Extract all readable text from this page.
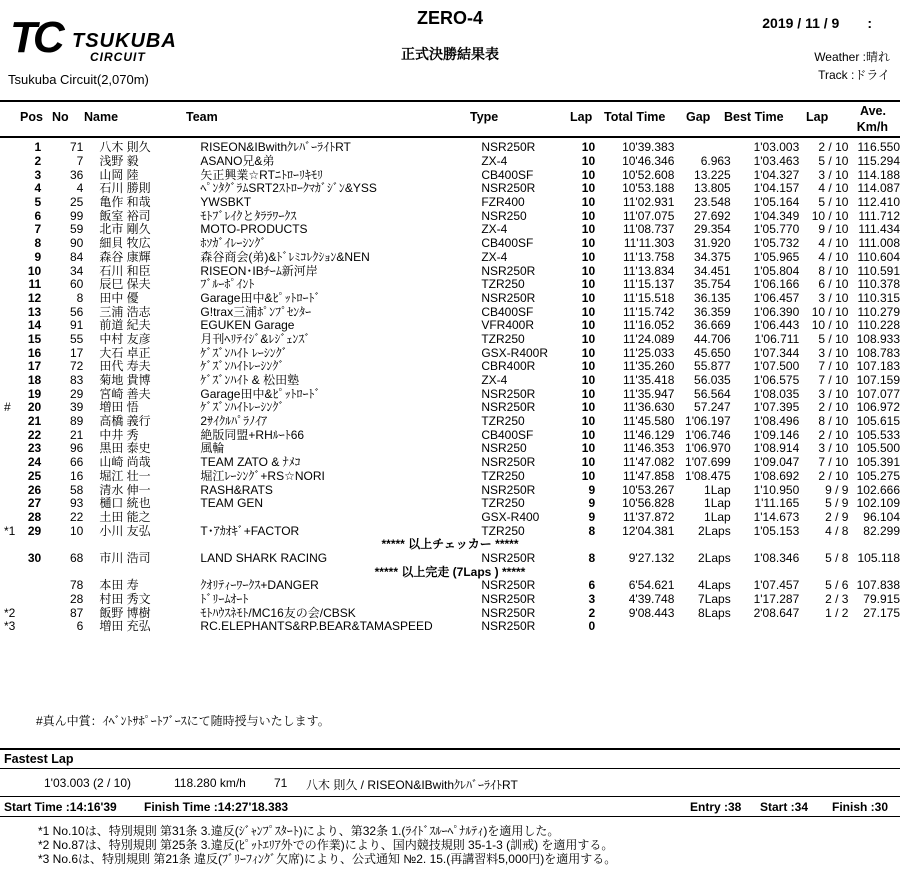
TC TSUKUBA
CIRCUIT
Tsukuba Circuit(2,070m)
ZERO-4
正式決勝結果表
2019 / 11 / 9　　:
Weather :晴れ
Track :ドライ
Pos No Name	Team	Type	Lap Total Time Gap Best Time Lap	Ave.
Km/h
	1	71	八木 則久	RISEON&IBwithｸﾚﾊﾞｰﾗｲﾄRT	NSR250R	10	10'39.383		1'03.003	2 / 10	116.550
	2	7	浅野 毅	ASANO兄&弟	ZX-4	10	10'46.346	6.963	1'03.463	5 / 10	115.294
	3	36	山岡 陸	矢正興業☆RTﾆﾄﾛｰﾘｷﾓﾘ	CB400SF	10	10'52.608	13.225	1'04.327	3 / 10	114.188
	4	4	石川 勝則	ﾍﾟﾝﾀｸﾞﾗﾑSRT2ｽﾄﾛｰｸﾏｶﾞｼﾞﾝ&YSS	NSR250R	10	10'53.188	13.805	1'04.157	4 / 10	114.087
	5	25	亀作 和哉	YWSBKT	FZR400	10	11'02.931	23.548	1'05.164	5 / 10	112.410
	6	99	飯室 裕司	ﾓﾄﾌﾞﾚｲｸとﾀﾗﾗﾜｰｸｽ	NSR250	10	11'07.075	27.692	1'04.349	10 / 10	111.712
	7	59	北市 剛久	MOTO-PRODUCTS	ZX-4	10	11'08.737	29.354	1'05.770	9 / 10	111.434
	8	90	細貝 牧広	ﾎｿｶﾞｲﾚｰｼﾝｸﾞ	CB400SF	10	11'11.303	31.920	1'05.732	4 / 10	111.008
	9	84	森谷 康輝	森谷商会(弟)&ﾄﾞﾚﾐｺﾚｸｼｮﾝ&NEN	ZX-4	10	11'13.758	34.375	1'05.965	4 / 10	110.604
	10	34	石川 和臣	RISEON･IBﾁｰﾑ新河岸	NSR250R	10	11'13.834	34.451	1'05.804	8 / 10	110.591
	11	60	辰巳 保夫	ﾌﾞﾙｰﾎﾟｲﾝﾄ	TZR250	10	11'15.137	35.754	1'06.166	6 / 10	110.378
	12	8	田中 優	Garage田中&ﾋﾟｯﾄﾛｰﾄﾞ	NSR250R	10	11'15.518	36.135	1'06.457	3 / 10	110.315
	13	56	三浦 浩志	G!trax三浦ﾎﾟﾝﾌﾟｾﾝﾀｰ	CB400SF	10	11'15.742	36.359	1'06.390	10 / 10	110.279
	14	91	前道 紀夫	EGUKEN Garage	VFR400R	10	11'16.052	36.669	1'06.443	10 / 10	110.228
	15	55	中村 友彦	月刊ﾍﾘﾃｲｼﾞ&ﾚｼﾞｪﾝｽﾞ	TZR250	10	11'24.089	44.706	1'06.711	5 / 10	108.933
	16	17	大石 卓正	ｹﾞｽﾞﾝﾊｲﾄ ﾚｰｼﾝｸﾞ	GSX-R400R	10	11'25.033	45.650	1'07.344	3 / 10	108.783
	17	72	田代 寿夫	ｹﾞｽﾞﾝﾊｲﾄﾚｰｼﾝｸﾞ	CBR400R	10	11'35.260	55.877	1'07.500	7 / 10	107.183
	18	83	菊地 貴博	ｹﾞｽﾞﾝﾊｲﾄ & 松田塾	ZX-4	10	11'35.418	56.035	1'06.575	7 / 10	107.159
	19	29	宮崎 善夫	Garage田中&ﾋﾟｯﾄﾛｰﾄﾞ	NSR250R	10	11'35.947	56.564	1'08.035	3 / 10	107.077
#	20	39	増田 悟	ｹﾞｽﾞﾝﾊｲﾄﾚｰｼﾝｸﾞ	NSR250R	10	11'36.630	57.247	1'07.395	2 / 10	106.972
	21	89	高橋 義行	2ｻｲｸﾙﾊﾟﾗﾉｲｱ	TZR250	10	11'45.580	1'06.197	1'08.496	8 / 10	105.615
	22	21	中井 秀	絶版同盟+RHﾙｰﾄ66	CB400SF	10	11'46.129	1'06.746	1'09.146	2 / 10	105.533
	23	96	黒田 泰史	風輪	NSR250	10	11'46.353	1'06.970	1'08.914	3 / 10	105.500
	24	66	山崎 尚哉	TEAM ZATO & ﾅﾒｺ	NSR250R	10	11'47.082	1'07.699	1'09.047	7 / 10	105.391
	25	16	堀江 壮一	堀江ﾚｰｼﾝｸﾞ+RS☆NORI	TZR250	10	11'47.858	1'08.475	1'08.692	2 / 10	105.275
	26	58	清水 伸一	RASH&RATS	NSR250R	9	10'53.267	1Lap	1'10.950	9 / 9	102.666
	27	93	樋口 統也	TEAM GEN	TZR250	9	10'56.828	1Lap	1'11.165	5 / 9	102.109
	28	22	土田 能之		GSX-R400	9	11'37.872	1Lap	1'14.673	2 / 9	96.104
*1	29	10	小川 友弘	T･ｱｶｵｷﾞ+FACTOR	TZR250	8	12'04.381	2Laps	1'05.153	4 / 8	82.299
***** 以上チェッカー *****											
	30	68	市川 浩司	LAND SHARK RACING	NSR250R	8	9'27.132	2Laps	1'08.346	5 / 8	105.118
***** 以上完走 (7Laps ) *****											
		78	本田 寿	ｸｵﾘﾃｨｰﾜｰｸｽ+DANGER	NSR250R	6	6'54.621	4Laps	1'07.457	5 / 6	107.838
		28	村田 秀文	ﾄﾞﾘｰﾑｵｰﾄ	NSR250R	3	4'39.748	7Laps	1'17.287	2 / 3	79.915
*2		87	飯野 博樹	ﾓﾄﾊｳｽﾈﾓﾄ/MC16友の会/CBSK	NSR250R	2	9'08.443	8Laps	2'08.647	1 / 2	27.175
*3		6	増田 充弘	RC.ELEPHANTS&RP.BEAR&TAMASPEED	NSR250R	0					
#真ん中賞：ｲﾍﾞﾝﾄｻﾎﾟｰﾄﾌﾞｰｽにて随時授与いたします。
Fastest Lap
1'03.003 (2 / 10)	118.280 km/h 71 八木 則久 / RISEON&IBwithｸﾚﾊﾞｰﾗｲﾄRT
Start Time :14:16'39 Finish Time :14:27'18.383	Entry :38 Start :34 Finish :30
*1 No.10は、特別規則 第31条 3.違反(ｼﾞｬﾝﾌﾟｽﾀｰﾄ)により、第32条 1.(ﾗｲﾄﾞｽﾙｰﾍﾟﾅﾙﾃｨ)を適用した。
*2 No.87は、特別規則 第25条 3.違反(ﾋﾟｯﾄｴﾘｱ外での作業)により、国内競技規則 35-1-3 (訓戒) を適用する。
*3 No.6は、特別規則 第21条 違反(ﾌﾞﾘｰﾌｨﾝｸﾞ欠席)により、公式通知 №2. 15.(再講習料5,000円)を適用する。
